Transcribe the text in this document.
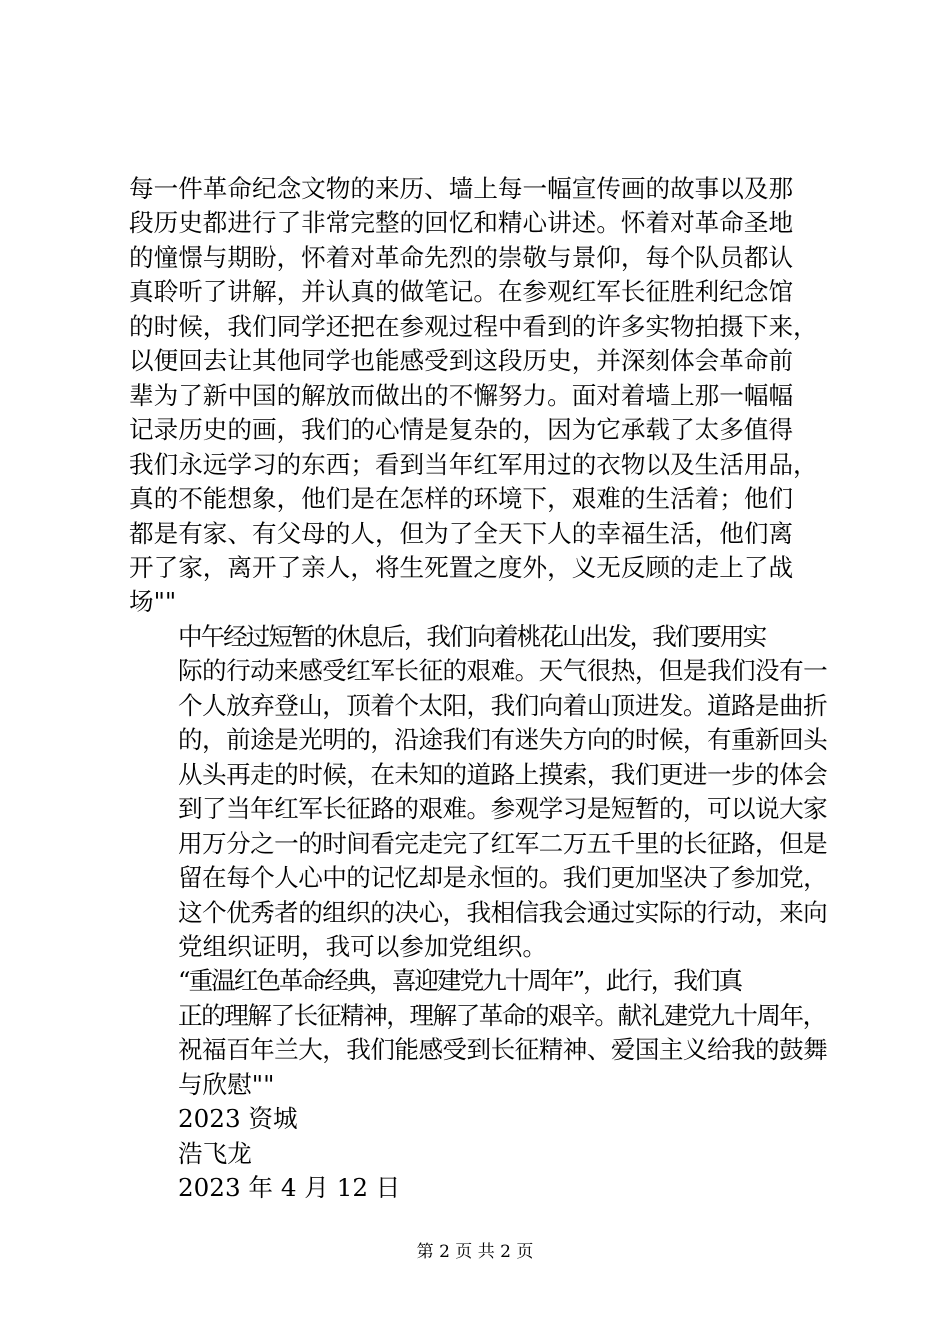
每一件革命纪念文物的来历、墙上每一幅宣传画的故事以及那
段历史都进行了非常完整的回忆和精心讲述。怀着对革命圣地
的憧憬与期盼，怀着对革命先烈的崇敬与景仰，每个队员都认
真聆听了讲解，并认真的做笔记。在参观红军长征胜利纪念馆
的时候，我们同学还把在参观过程中看到的许多实物拍摄下来，
以便回去让其他同学也能感受到这段历史，并深刻体会革命前
辈为了新中国的解放而做出的不懈努力。面对着墙上那一幅幅
记录历史的画，我们的心情是复杂的，因为它承载了太多值得
我们永远学习的东西；看到当年红军用过的衣物以及生活用品，
真的不能想象，他们是在怎样的环境下，艰难的生活着；他们
都是有家、有父母的人，但为了全天下人的幸福生活，他们离
开了家，离开了亲人，将生死置之度外，义无反顾的走上了战
场""

中午经过短暂的休息后，我们向着桃花山出发，我们要用实
际的行动来感受红军长征的艰难。天气很热，但是我们没有一
个人放弃登山，顶着个太阳，我们向着山顶进发。道路是曲折
的，前途是光明的，沿途我们有迷失方向的时候，有重新回头
从头再走的时候，在未知的道路上摸索，我们更进一步的体会
到了当年红军长征路的艰难。参观学习是短暂的，可以说大家
用万分之一的时间看完走完了红军二万五千里的长征路，但是
留在每个人心中的记忆却是永恒的。我们更加坚决了参加党，
这个优秀者的组织的决心，我相信我会通过实际的行动，来向
党组织证明，我可以参加党组织。

“重温红色革命经典，喜迎建党九十周年”，此行，我们真
正的理解了长征精神，理解了革命的艰辛。献礼建党九十周年，
祝福百年兰大，我们能感受到长征精神、爱国主义给我的鼓舞
与欣慰""

2023 资城

浩飞龙

2023 年 4 月 12 日

第 2 页 共 2 页
